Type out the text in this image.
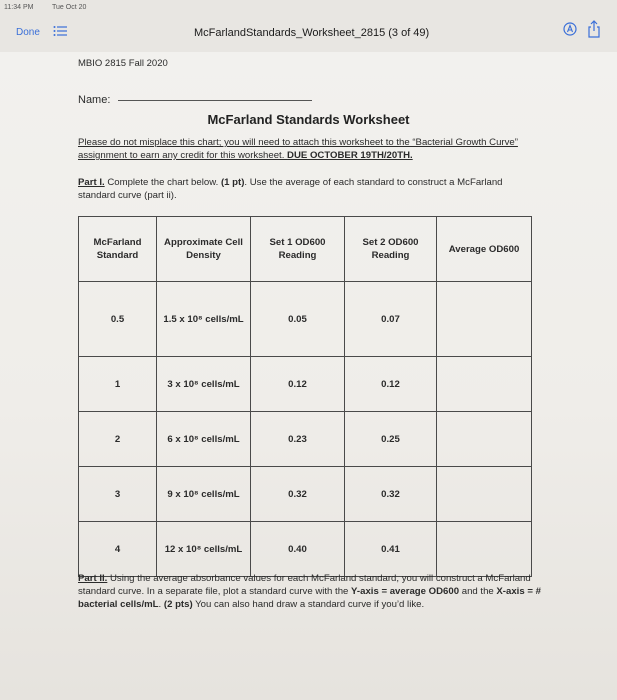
11:34 PM	Tue Oct 20
Done	McFarlandStandards_Worksheet_2815 (3 of 49)
MBIO 2815 Fall 2020
Name:
McFarland Standards Worksheet
Please do not misplace this chart; you will need to attach this worksheet to the “Bacterial Growth Curve” assignment to earn any credit for this worksheet. DUE OCTOBER 19TH/20TH.
Part I. Complete the chart below. (1 pt). Use the average of each standard to construct a McFarland standard curve (part ii).
McFarland Standard	Approximate Cell Density	Set 1 OD600 Reading	Set 2 OD600 Reading	Average OD600
0.5	1.5 x 10⁸ cells/mL	0.05	0.07	
1	3 x 10⁸ cells/mL	0.12	0.12	
2	6 x 10⁸ cells/mL	0.23	0.25	
3	9 x 10⁸ cells/mL	0.32	0.32	
4	12 x 10⁸ cells/mL	0.40	0.41	
Part II. Using the average absorbance values for each McFarland standard, you will construct a McFarland standard curve. In a separate file, plot a standard curve with the Y-axis = average OD600 and the X-axis = # bacterial cells/mL. (2 pts) You can also hand draw a standard curve if you’d like.
